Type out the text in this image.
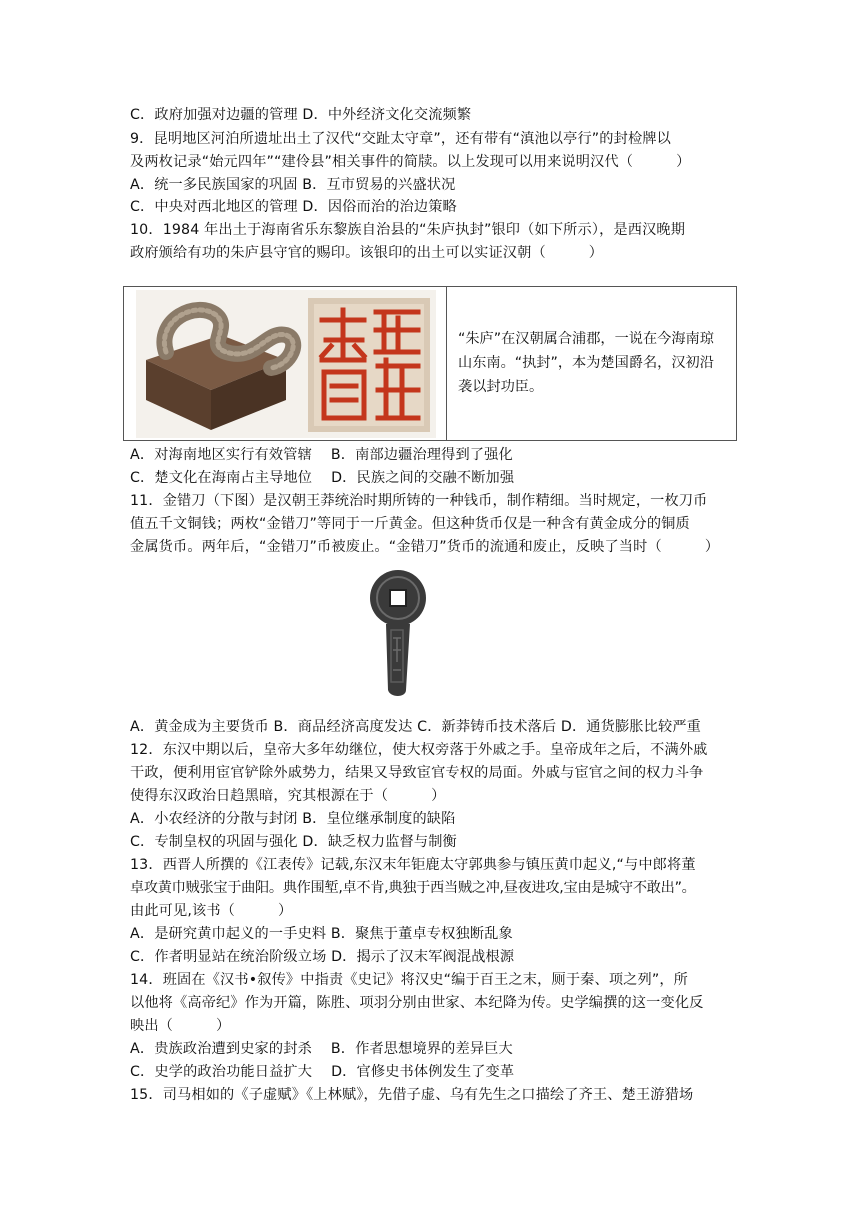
C．政府加强对边疆的管理 D．中外经济文化交流频繁
9．昆明地区河泊所遗址出土了汉代“交趾太守章”，还有带有“滇池以亭行”的封检牌以
及两枚记录“始元四年”“建伶县”相关事件的简牍。以上发现可以用来说明汉代（　　　）
A．统一多民族国家的巩固 B．互市贸易的兴盛状况
C．中央对西北地区的管理 D．因俗而治的治边策略
10．1984 年出土于海南省乐东黎族自治县的“朱庐执封”银印（如下所示），是西汉晚期
政府颁给有功的朱庐县守官的赐印。该银印的出土可以实证汉朝（　　　）
A．对海南地区实行有效管辖　 B．南部边疆治理得到了强化
C．楚文化在海南占主导地位　 D．民族之间的交融不断加强
11．金错刀（下图）是汉朝王莽统治时期所铸的一种钱币，制作精细。当时规定，一枚刀币
值五千文铜钱；两枚“金错刀”等同于一斤黄金。但这种货币仅是一种含有黄金成分的铜质
金属货币。两年后，“金错刀”币被废止。“金错刀”货币的流通和废止，反映了当时（　　　）
A．黄金成为主要货币 B．商品经济高度发达 C．新莽铸币技术落后 D．通货膨胀比较严重
12．东汉中期以后，皇帝大多年幼继位，使大权旁落于外戚之手。皇帝成年之后，不满外戚
干政，便利用宦官铲除外戚势力，结果又导致宦官专权的局面。外戚与宦官之间的权力斗争
使得东汉政治日趋黑暗，究其根源在于（　　　）
A．小农经济的分散与封闭 B．皇位继承制度的缺陷
C．专制皇权的巩固与强化 D．缺乏权力监督与制衡
13．西晋人所撰的《江表传》记载,东汉末年钜鹿太守郭典参与镇压黄巾起义,“与中郎将董
卓攻黄巾贼张宝于曲阳。典作围堑,卓不肯,典独于西当贼之冲,昼夜进攻,宝由是城守不敢出”。
由此可见,该书（　　　）
A．是研究黄巾起义的一手史料 B．聚焦于董卓专权独断乱象
C．作者明显站在统治阶级立场 D．揭示了汉末军阀混战根源
14．班固在《汉书•叙传》中指责《史记》将汉史“编于百王之末，厕于秦、项之列”，所
以他将《高帝纪》作为开篇，陈胜、项羽分别由世家、本纪降为传。史学编撰的这一变化反
映出（　　　）
A．贵族政治遭到史家的封杀　 B．作者思想境界的差异巨大
C．史学的政治功能日益扩大　 D．官修史书体例发生了变革
15．司马相如的《子虚赋》《上林赋》，先借子虚、乌有先生之口描绘了齐王、楚王游猎场
“朱庐”在汉朝属合浦郡，一说在今海南琼山东南。“执封”，本为楚国爵名，汉初沿袭以封功臣。
